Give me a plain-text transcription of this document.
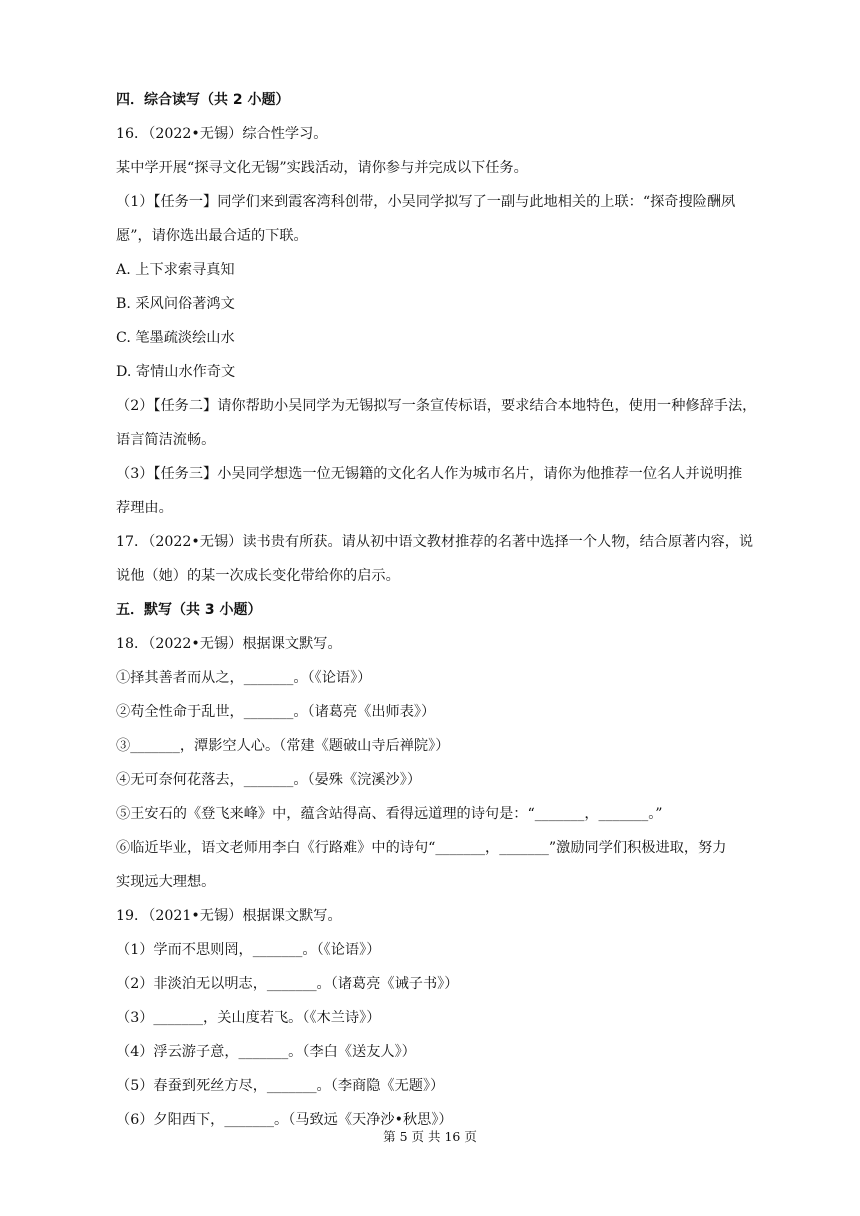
四．综合读写（共 2 小题）
16．（2022•无锡）综合性学习。
某中学开展“探寻文化无锡”实践活动，请你参与并完成以下任务。
（1）【任务一】同学们来到霞客湾科创带，小吴同学拟写了一副与此地相关的上联：“探奇搜险酬夙
愿”，请你选出最合适的下联。
A. 上下求索寻真知
B. 采风问俗著鸿文
C. 笔墨疏淡绘山水
D. 寄情山水作奇文
（2）【任务二】请你帮助小吴同学为无锡拟写一条宣传标语，要求结合本地特色，使用一种修辞手法，
语言简洁流畅。
（3）【任务三】小吴同学想选一位无锡籍的文化名人作为城市名片，请你为他推荐一位名人并说明推
荐理由。
17．（2022•无锡）读书贵有所获。请从初中语文教材推荐的名著中选择一个人物，结合原著内容，说
说他（她）的某一次成长变化带给你的启示。
五．默写（共 3 小题）
18．（2022•无锡）根据课文默写。
①择其善者而从之，_______。（《论语》）
②苟全性命于乱世，_______。（诸葛亮《出师表》）
③_______，潭影空人心。（常建《题破山寺后禅院》）
④无可奈何花落去，_______。（晏殊《浣溪沙》）
⑤王安石的《登飞来峰》中，蕴含站得高、看得远道理的诗句是：“_______，_______。”
⑥临近毕业，语文老师用李白《行路难》中的诗句“_______，_______”激励同学们积极进取，努力
实现远大理想。
19．（2021•无锡）根据课文默写。
（1）学而不思则罔，_______。（《论语》）
（2）非淡泊无以明志，_______。（诸葛亮《诫子书》）
（3）_______，关山度若飞。（《木兰诗》）
（4）浮云游子意，_______。（李白《送友人》）
（5）春蚕到死丝方尽，_______。（李商隐《无题》）
（6）夕阳西下，_______。（马致远《天净沙•秋思》）
第 5 页 共 16 页
